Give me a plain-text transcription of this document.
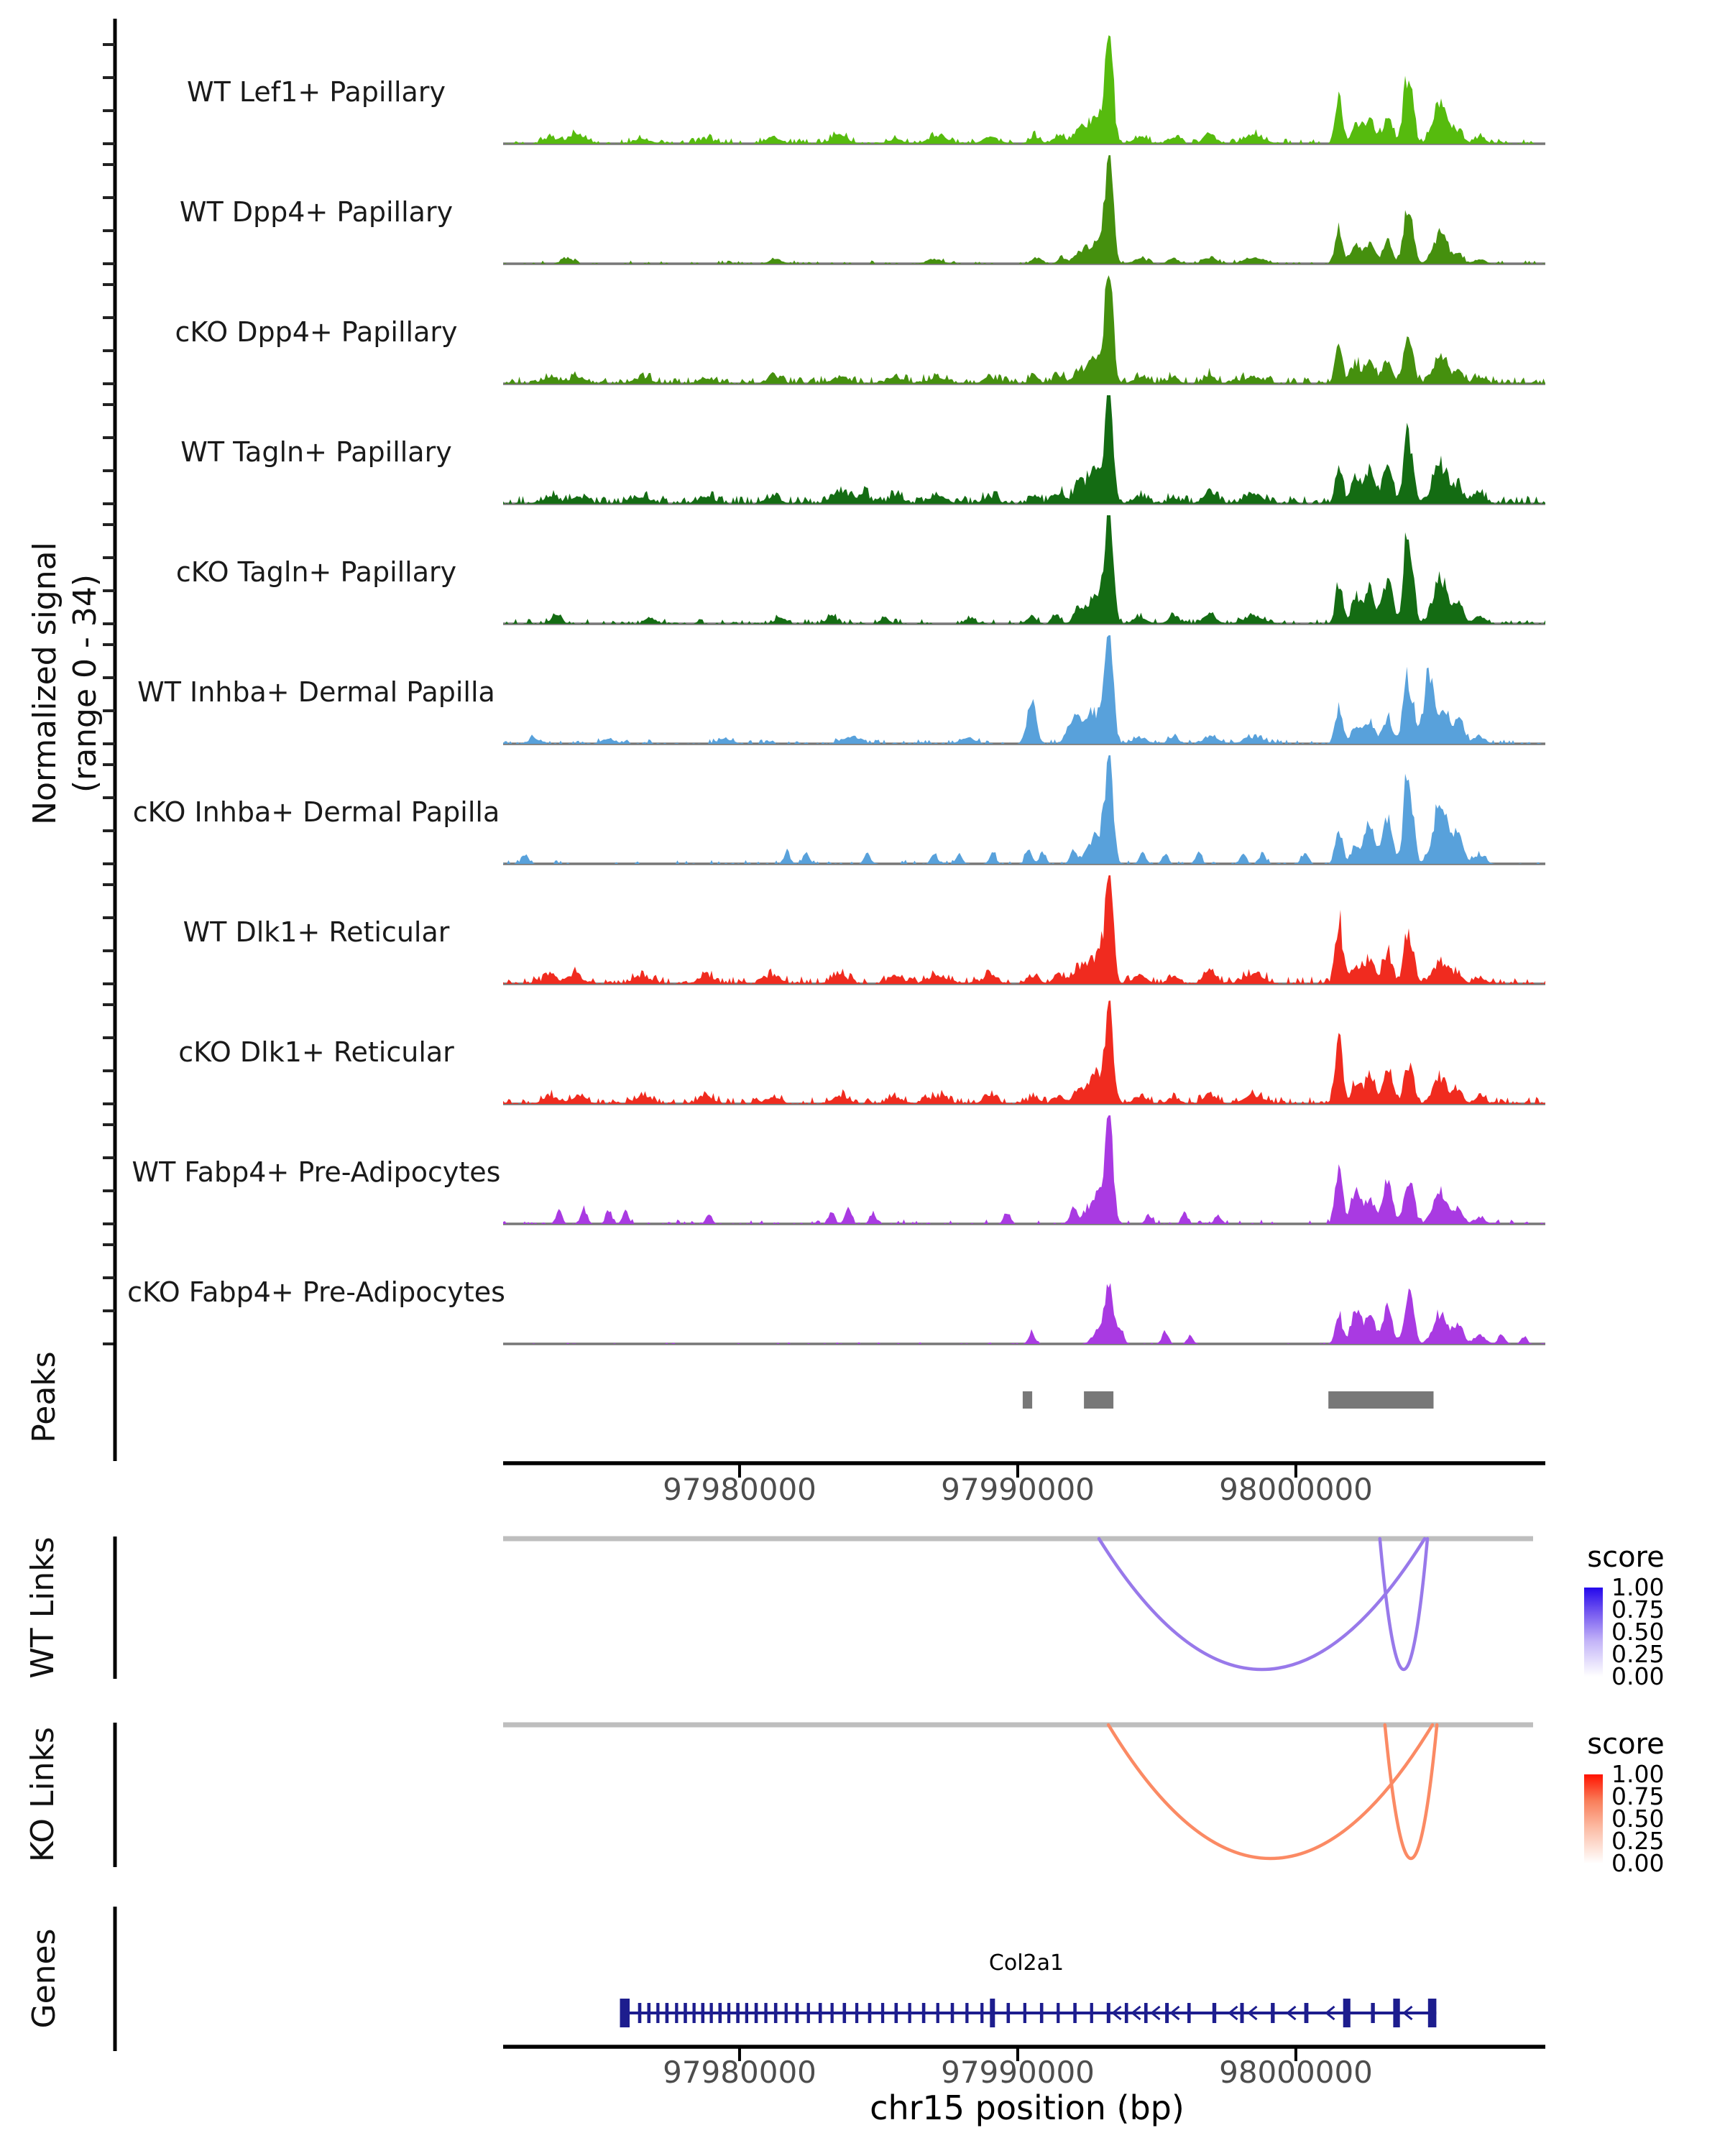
Normalized signal (range 0 - 34)
WT Lef1+ Papillary
WT Dpp4+ Papillary
cKO Dpp4+ Papillary
WT Tagln+ Papillary
cKO Tagln+ Papillary
WT Inhba+ Dermal Papilla
cKO Inhba+ Dermal Papilla
WT Dlk1+ Reticular
cKO Dlk1+ Reticular
WT Fabp4+ Pre-Adipocytes
cKO Fabp4+ Pre-Adipocytes
Peaks
WT Links
KO Links
Genes
97980000	97990000	98000000
score
1.00
0.75
0.50
0.25
0.00
score
1.00
0.75
0.50
0.25
0.00
Col2a1
97980000	97990000	98000000
chr15 position (bp)
